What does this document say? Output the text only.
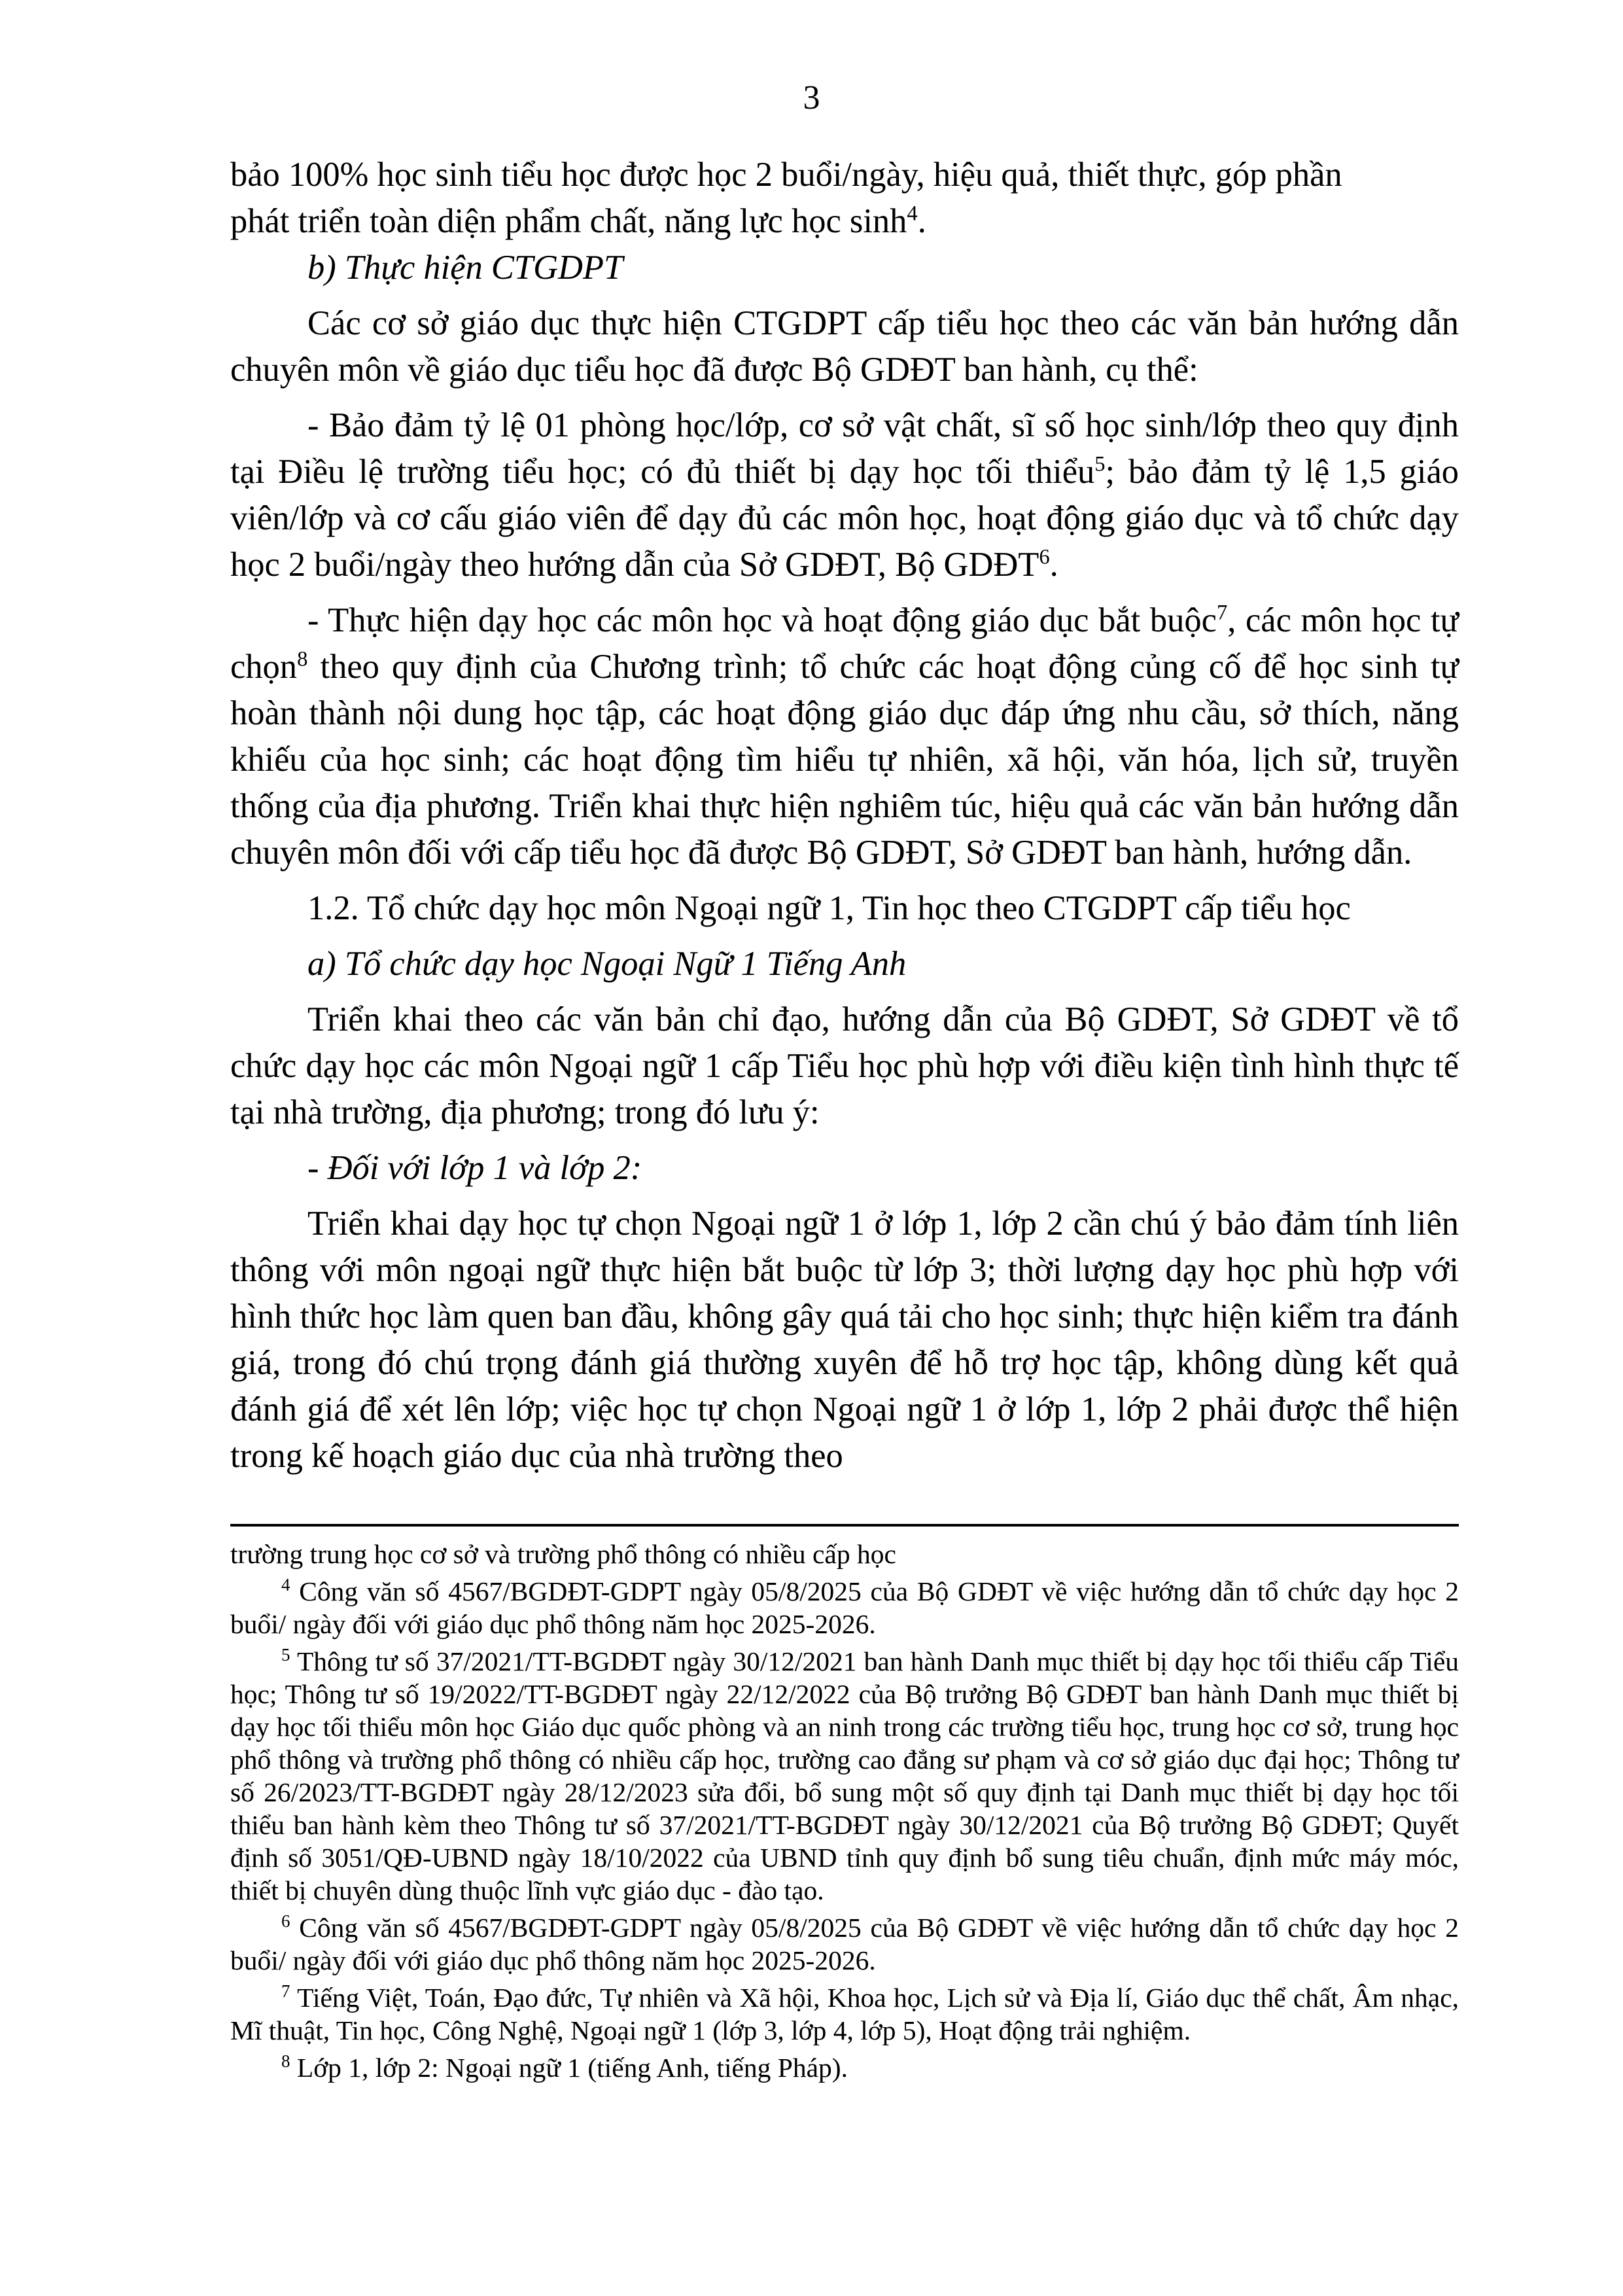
3

bảo 100% học sinh tiểu học được học 2 buổi/ngày, hiệu quả, thiết thực, góp phần
phát triển toàn diện phẩm chất, năng lực học $\sinh^4$.

b) Thực hiện CTGDPT

Các cơ sở giáo dục thực hiện CTGDPT cấp tiểu học theo các văn bản hướng dẫn chuyên môn về giáo dục tiểu học đã được Bộ GDĐT ban hành, cụ thể:

- Bảo đảm tỷ lệ 01 phòng học/lớp, cơ sở vật chất, sĩ số học sinh/lớp theo quy định tại Điều lệ trường tiểu học; có đủ thiết bị dạy học tối thiểu$^5$; bảo đảm tỷ lệ 1,5 giáo viên/lớp và cơ cấu giáo viên để dạy đủ các môn học, hoạt động giáo dục và tổ chức dạy học 2 buổi/ngày theo hướng dẫn của Sở GDĐT, Bộ GDĐT$^6$.

- Thực hiện dạy học các môn học và hoạt động giáo dục bắt buộc$^7$, các môn học tự chọn$^8$ theo quy định của Chương trình; tổ chức các hoạt động củng cố để học sinh tự hoàn thành nội dung học tập, các hoạt động giáo dục đáp ứng nhu cầu, sở thích, năng khiếu của học sinh; các hoạt động tìm hiểu tự nhiên, xã hội, văn hóa, lịch sử, truyền thống của địa phương. Triển khai thực hiện nghiêm túc, hiệu quả các văn bản hướng dẫn chuyên môn đối với cấp tiểu học đã được Bộ GDĐT, Sở GDĐT ban hành, hướng dẫn.

1.2. Tổ chức dạy học môn Ngoại ngữ 1, Tin học theo CTGDPT cấp tiểu học

a) Tổ chức dạy học Ngoại Ngữ 1 Tiếng Anh

Triển khai theo các văn bản chỉ đạo, hướng dẫn của Bộ GDĐT, Sở GDĐT về tổ chức dạy học các môn Ngoại ngữ 1 cấp Tiểu học phù hợp với điều kiện tình hình thực tế tại nhà trường, địa phương; trong đó lưu ý:

- Đối với lớp 1 và lớp 2:

Triển khai dạy học tự chọn Ngoại ngữ 1 ở lớp 1, lớp 2 cần chú ý bảo đảm tính liên thông với môn ngoại ngữ thực hiện bắt buộc từ lớp 3; thời lượng dạy học phù hợp với hình thức học làm quen ban đầu, không gây quá tải cho học sinh; thực hiện kiểm tra đánh giá, trong đó chú trọng đánh giá thường xuyên để hỗ trợ học tập, không dùng kết quả đánh giá để xét lên lớp; việc học tự chọn Ngoại ngữ 1 ở lớp 1, lớp 2 phải được thể hiện trong kế hoạch giáo dục của nhà trường theo

trường trung học cơ sở và trường phổ thông có nhiều cấp học

$^4$ Công văn số 4567/BGDĐT-GDPT ngày 05/8/2025 của Bộ GDĐT về việc hướng dẫn tổ chức dạy học 2 buổi/ ngày đối với giáo dục phổ thông năm học 2025-2026.

$^5$ Thông tư số 37/2021/TT-BGDĐT ngày 30/12/2021 ban hành Danh mục thiết bị dạy học tối thiểu cấp Tiểu học; Thông tư số 19/2022/TT-BGDĐT ngày 22/12/2022 của Bộ trưởng Bộ GDĐT ban hành Danh mục thiết bị dạy học tối thiểu môn học Giáo dục quốc phòng và an ninh trong các trường tiểu học, trung học cơ sở, trung học phổ thông và trường phổ thông có nhiều cấp học, trường cao đẳng sư phạm và cơ sở giáo dục đại học; Thông tư số 26/2023/TT-BGDĐT ngày 28/12/2023 sửa đổi, bổ sung một số quy định tại Danh mục thiết bị dạy học tối thiểu ban hành kèm theo Thông tư số 37/2021/TT-BGDĐT ngày 30/12/2021 của Bộ trưởng Bộ GDĐT; Quyết định số 3051/QĐ-UBND ngày 18/10/2022 của UBND tỉnh quy định bổ sung tiêu chuẩn, định mức máy móc, thiết bị chuyên dùng thuộc lĩnh vực giáo dục - đào tạo.

$^6$ Công văn số 4567/BGDĐT-GDPT ngày 05/8/2025 của Bộ GDĐT về việc hướng dẫn tổ chức dạy học 2 buổi/ ngày đối với giáo dục phổ thông năm học 2025-2026.

$^7$ Tiếng Việt, Toán, Đạo đức, Tự nhiên và Xã hội, Khoa học, Lịch sử và Địa lí, Giáo dục thể chất, Âm nhạc, Mĩ thuật, Tin học, Công Nghệ, Ngoại ngữ 1 (lớp 3, lớp 4, lớp 5), Hoạt động trải nghiệm.

$^8$ Lớp 1, lớp 2: Ngoại ngữ 1 (tiếng Anh, tiếng Pháp).
